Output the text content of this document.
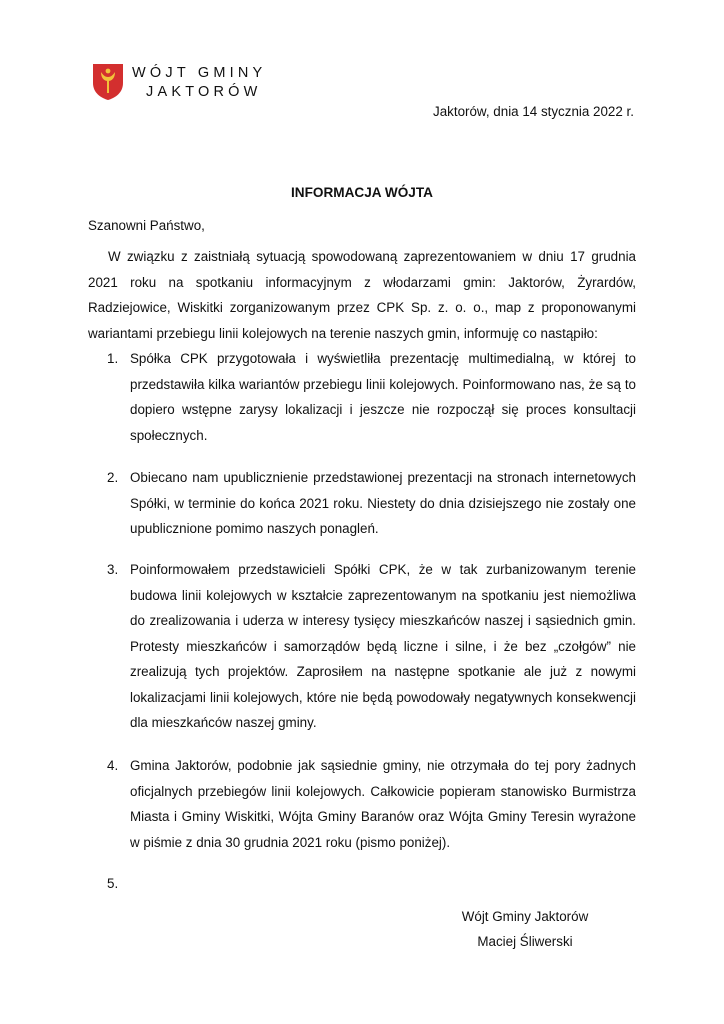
WÓJT GMINY
JAKTORÓW
Jaktorów, dnia 14 stycznia 2022 r.
INFORMACJA WÓJTA
Szanowni Państwo,
W związku z zaistniałą sytuacją spowodowaną zaprezentowaniem w dniu 17 grudnia 2021 roku na spotkaniu informacyjnym z włodarzami gmin: Jaktorów, Żyrardów, Radziejowice, Wiskitki zorganizowanym przez CPK Sp. z. o. o., map z proponowanymi wariantami przebiegu linii kolejowych na terenie naszych gmin, informuję co nastąpiło:
1. Spółka CPK przygotowała i wyświetliła prezentację multimedialną, w której to przedstawiła kilka wariantów przebiegu linii kolejowych. Poinformowano nas, że są to dopiero wstępne zarysy lokalizacji i jeszcze nie rozpoczął się proces konsultacji społecznych.
2. Obiecano nam upublicznienie przedstawionej prezentacji na stronach internetowych Spółki, w terminie do końca 2021 roku. Niestety do dnia dzisiejszego nie zostały one upublicznione pomimo naszych ponagleń.
3. Poinformowałem przedstawicieli Spółki CPK, że w tak zurbanizowanym terenie budowa linii kolejowych w kształcie zaprezentowanym na spotkaniu jest niemożliwa do zrealizowania i uderza w interesy tysięcy mieszkańców naszej i sąsiednich gmin. Protesty mieszkańców i samorządów będą liczne i silne, i że bez „czołgów” nie zrealizują tych projektów. Zaprosiłem na następne spotkanie ale już z nowymi lokalizacjami linii kolejowych, które nie będą powodowały negatywnych konsekwencji dla mieszkańców naszej gminy.
4. Gmina Jaktorów, podobnie jak sąsiednie gminy, nie otrzymała do tej pory żadnych oficjalnych przebiegów linii kolejowych. Całkowicie popieram stanowisko Burmistrza Miasta i Gminy Wiskitki, Wójta Gminy Baranów oraz Wójta Gminy Teresin wyrażone w piśmie z dnia 30 grudnia 2021 roku (pismo poniżej).
5.
Wójt Gminy Jaktorów
Maciej Śliwerski
